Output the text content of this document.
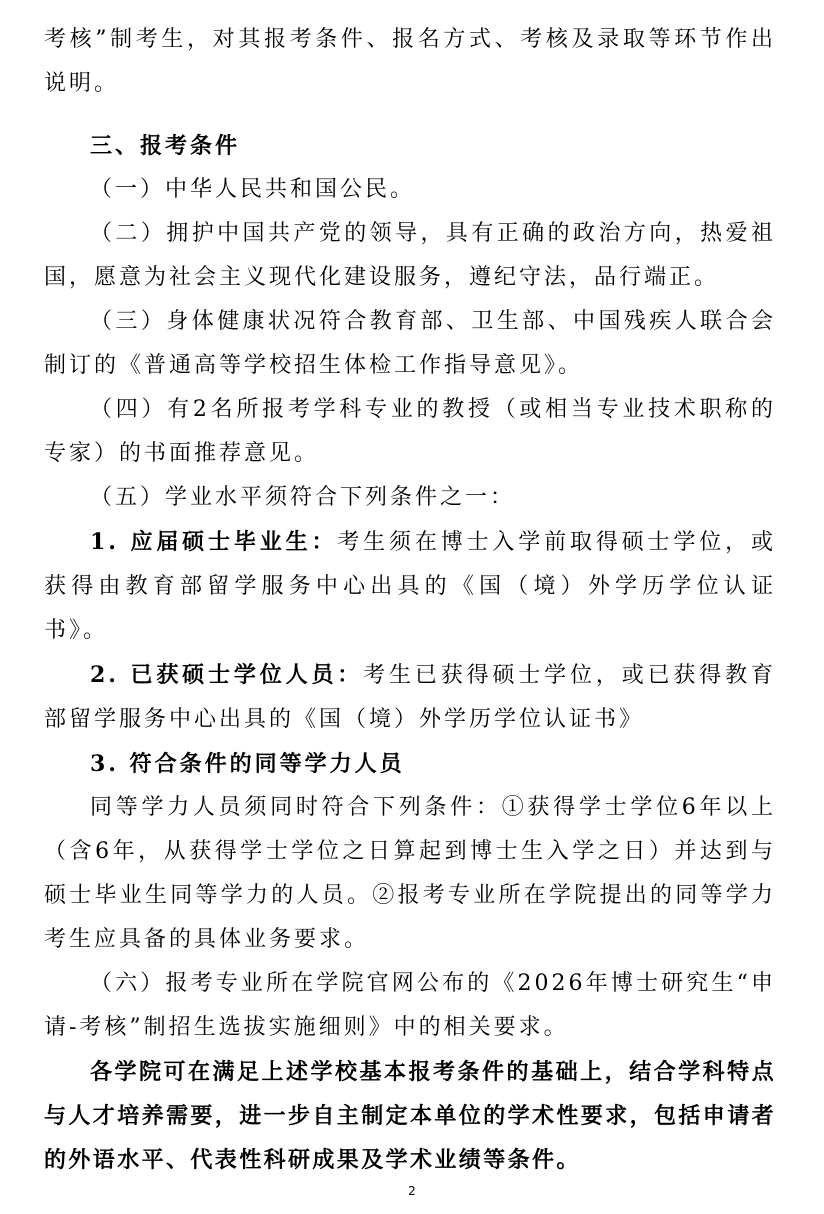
考核”制考生，对其报考条件、报名方式、考核及录取等环节作出说明。

三、报考条件

（一）中华人民共和国公民。

（二）拥护中国共产党的领导，具有正确的政治方向，热爱祖国，愿意为社会主义现代化建设服务，遵纪守法，品行端正。

（三）身体健康状况符合教育部、卫生部、中国残疾人联合会制订的《普通高等学校招生体检工作指导意见》。

（四）有2名所报考学科专业的教授（或相当专业技术职称的专家）的书面推荐意见。

（五）学业水平须符合下列条件之一：

1. 应届硕士毕业生：考生须在博士入学前取得硕士学位，或获得由教育部留学服务中心出具的《国（境）外学历学位认证书》。

2. 已获硕士学位人员：考生已获得硕士学位，或已获得教育部留学服务中心出具的《国（境）外学历学位认证书》

3. 符合条件的同等学力人员

同等学力人员须同时符合下列条件：①获得学士学位6年以上（含6年，从获得学士学位之日算起到博士生入学之日）并达到与硕士毕业生同等学力的人员。②报考专业所在学院提出的同等学力考生应具备的具体业务要求。

（六）报考专业所在学院官网公布的《2026年博士研究生“申请-考核”制招生选拔实施细则》中的相关要求。

各学院可在满足上述学校基本报考条件的基础上，结合学科特点与人才培养需要，进一步自主制定本单位的学术性要求，包括申请者的外语水平、代表性科研成果及学术业绩等条件。

2
